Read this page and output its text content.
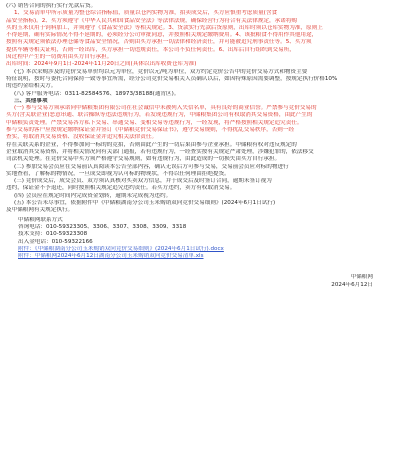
(六) 销售合同的执行实行先款后货。
1、交易清单中所示质量为整仓综合指标值，质量以仓内实物为准，拍卖成交后，买方应慎重考虑质量(含食
品安全指标)。2、买方须遵守《中华人民共和国食品安全法》等法律法规，确保经营行为符合有关法律规定，承诺将购
买的玉米仅用于饲料加工，并须遵守《食品安全法》等相关规定。3、货款实行先款后货原则，出库时须以仓库实物为准，原则上
不得延期，确有实际情况不得不延期的，必须经分公司审批同意，并按照相关规定缴纳费用。4、该批粮食不得用作其他用途，
按照有关规定须依法办理仓储等食品安全情况，否则由买方承担一切法律和经济责任，并可能被追究刑事责任等。5、买方须
提供车辆等相关证明，否则一经出库，买方承担一切违规责任，本公司不负任何责任。6、出库后自行组织到交易所，
因过程中产生的一切费用由买方自行承担。
出库时间：2024年9月1日-2024年11月20日之间(具体以出库收费仓库为准)
(七) 本次采购涉及的竞价交易单价均以元为单位，竞价以元/吨为单位，双方约定竞价公告中的竞价交易方式和物资主要
特征说明，按时与委托合同保持一致等事宜所需，经分公司竞价交易相关人员确认以后，如因特殊原因需要调整，按规定执行价格10%
的违约金给相关方。
(八) 客户服务电话：0311-82584576、18973/38188(通宵区)。
三、其他事项
(一) 参与交易方须承诺向中储粮集团有限公司在社会诚信中未被列入失信名单，具有良好的商业信誉。严禁参与竞价交易的
买方(含关联企业)恶意串通、联合操纵等违法违规行为，若发现违规行为，中储粮集团公司有权取消其交易资格，由此产生的
中储粮负责处理。严禁交易各方私下交易、串通交易、变相交易等违规行为，一经发现，将严格按照相关规定追究责任。
参与交易的客户应按规定缴纳保证金并签订《中储粮竞价交易保证书》，遵守交易规则，不得扰乱交易秩序，否则一经
查实，将取消其交易资格、没收保证金并追究相关法律责任。
存在关联关系的企业，不得参加同一标的的竞拍，否则由此产生的一切后果由参与企业承担。中储粮有权对违反规定的
企业取消其交易资格，并将相关情况向有关部门通报，若有违规行为，一经查实按有关规定严肃处理，涉嫌犯罪的，依法移交
司法机关处理。在竞价交易中买方须严格遵守交易规则，如有违规行为，由此造成的一切损失由买方自行承担。
(二) 参加交易会员应在交易前认真阅读本公告全部内容，确认无误后方可参与交易，交易前会员应对标的物进行
实地查看，了解标的物情况，一旦成交即视为认可标的物现状，不得以任何理由拒绝提货。
(三) 竞价成交后，成交会员、双方须认真核对买卖双方信息，并于成交后及时签订合同，逾期未签订视为
违约，保证金不予退还，同时按照相关规定追究违约责任。若买方违约，卖方有权取消交易。
(四) 会员应在规定时间内完成资金划转，逾期未完成视为违约。
(五) 本公告未尽事宜，依据附件中《中储粮湖南分公司玉米购销双向竞价交易细则》(2024年6月1日试行)
及中储粮网有关规定执行。
中储粮网联系方式
咨询电话：010-59323305、3306、3307、3308、3309、3318
技术支持：010-59323308
出入金电话：010-59322166
附件：《中储粮湖南分公司玉米购销双向竞价交易细则》(2024年6月1日试行).docx
附件：中储粮网2024年6月12日湖南分公司玉米购销双向竞价交易清单.xls
中储粮网
2024年6月12日
